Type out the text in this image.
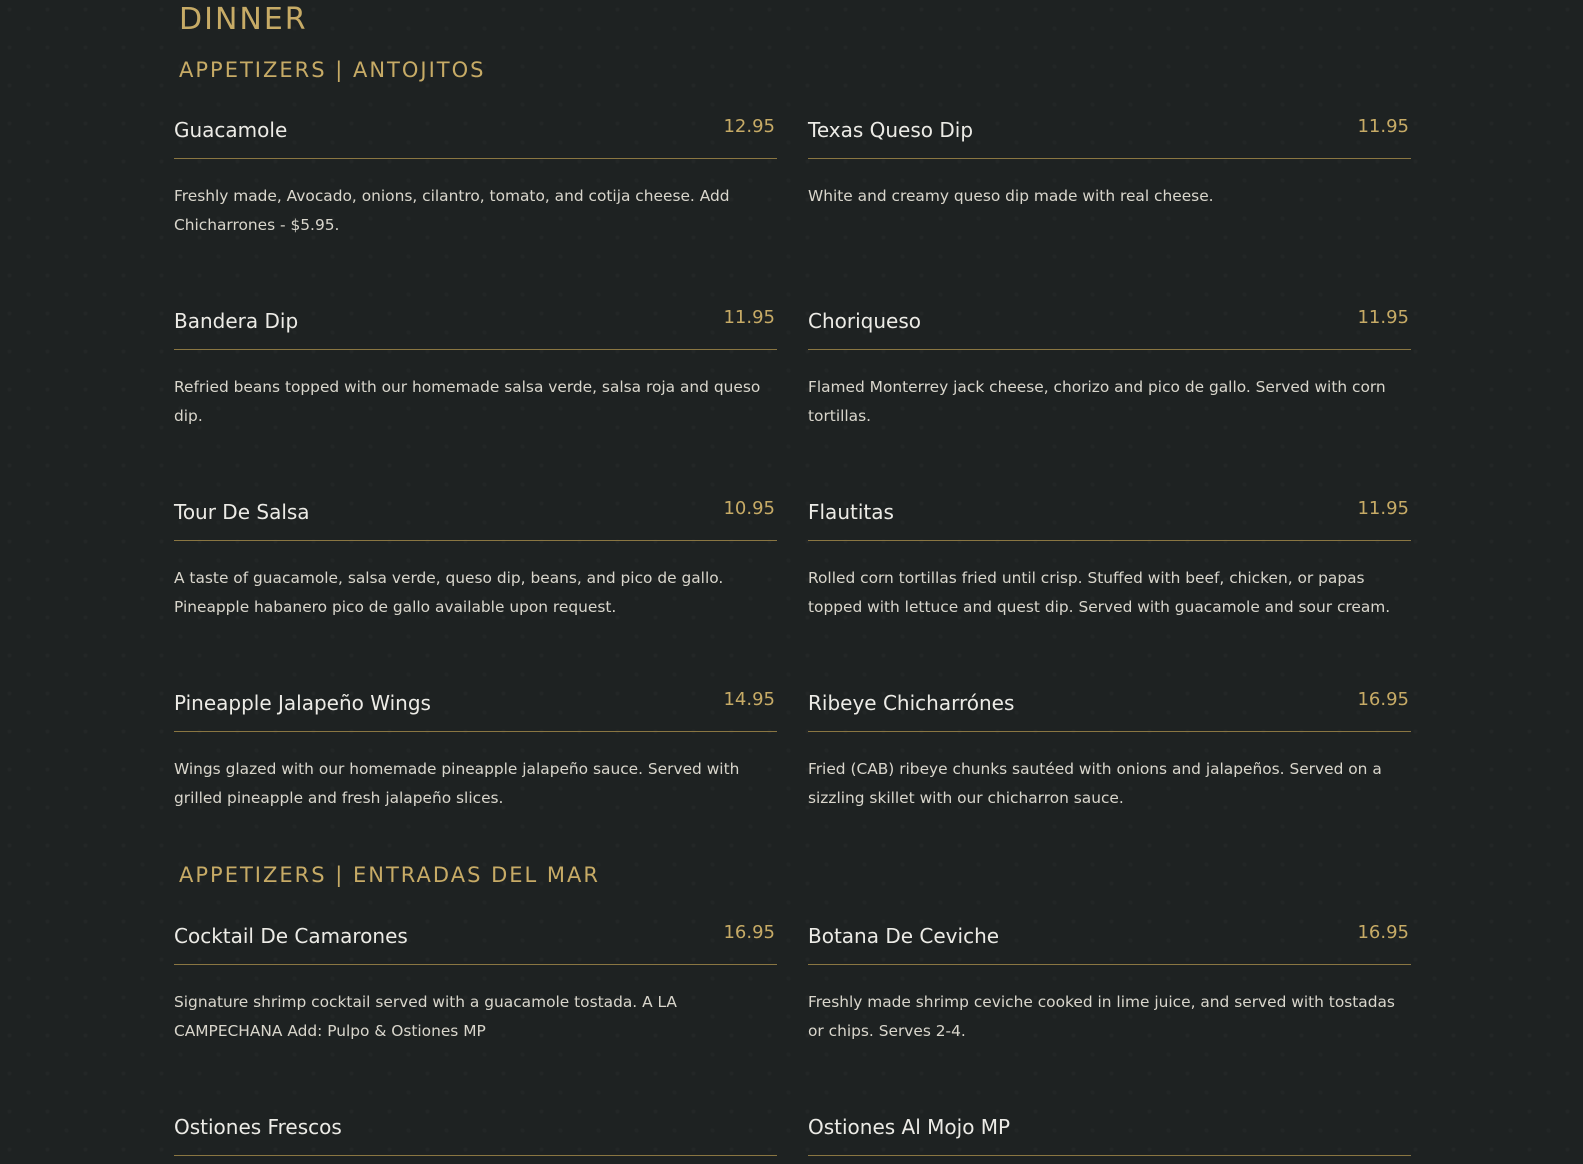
DINNER
APPETIZERS | ANTOJITOS
Guacamole	12.95

Freshly made, Avocado, onions, cilantro, tomato, and cotija cheese. Add Chicharrones - $5.95.

Texas Queso Dip	11.95

White and creamy queso dip made with real cheese.

Bandera Dip	11.95

Refried beans topped with our homemade salsa verde, salsa roja and queso dip.

Choriqueso	11.95

Flamed Monterrey jack cheese, chorizo and pico de gallo. Served with corn tortillas.

Tour De Salsa	10.95

A taste of guacamole, salsa verde, queso dip, beans, and pico de gallo. Pineapple habanero pico de gallo available upon request.

Flautitas	11.95

Rolled corn tortillas fried until crisp. Stuffed with beef, chicken, or papas topped with lettuce and quest dip. Served with guacamole and sour cream.

Pineapple Jalapeño Wings	14.95

Wings glazed with our homemade pineapple jalapeño sauce. Served with grilled pineapple and fresh jalapeño slices.

Ribeye Chicharrónes	16.95

Fried (CAB) ribeye chunks sautéed with onions and jalapeños. Served on a sizzling skillet with our chicharron sauce.

APPETIZERS | ENTRADAS DEL MAR
Cocktail De Camarones	16.95

Signature shrimp cocktail served with a guacamole tostada. A LA CAMPECHANA Add: Pulpo & Ostiones MP

Botana De Ceviche	16.95

Freshly made shrimp ceviche cooked in lime juice, and served with tostadas or chips. Serves 2-4.

Ostiones Frescos	Ostiones Al Mojo MP
